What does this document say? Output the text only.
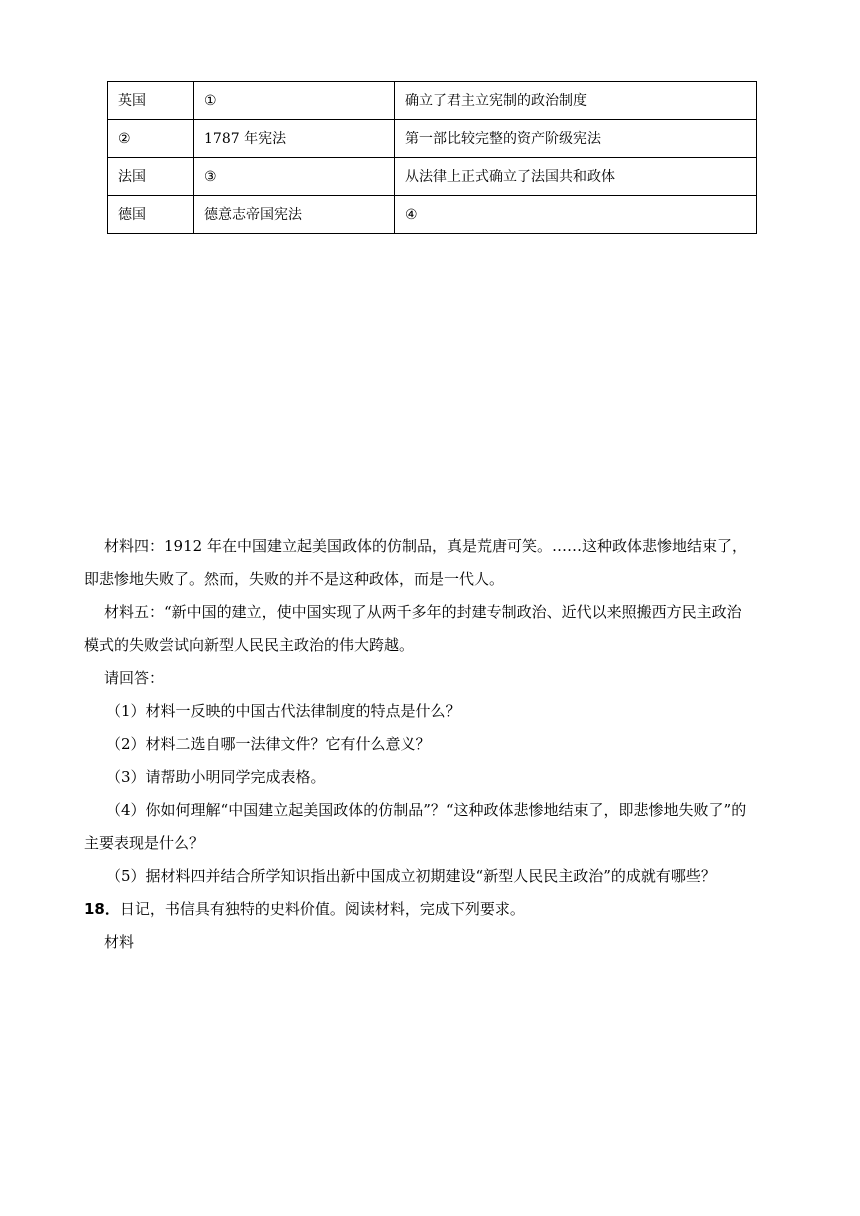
英国	①	确立了君主立宪制的政治制度
②	1787 年宪法	第一部比较完整的资产阶级宪法
法国	③	从法律上正式确立了法国共和政体
德国	德意志帝国宪法	④

材料四：1912 年在中国建立起美国政体的仿制品，真是荒唐可笑。……这种政体悲惨地结束了，

即悲惨地失败了。然而，失败的并不是这种政体，而是一代人。

材料五：“新中国的建立，使中国实现了从两千多年的封建专制政治、近代以来照搬西方民主政治

模式的失败尝试向新型人民民主政治的伟大跨越。

请回答：

（1）材料一反映的中国古代法律制度的特点是什么？

（2）材料二选自哪一法律文件？它有什么意义？

（3）请帮助小明同学完成表格。

（4）你如何理解“中国建立起美国政体的仿制品”？“这种政体悲惨地结束了，即悲惨地失败了”的

主要表现是什么？

（5）据材料四并结合所学知识指出新中国成立初期建设“新型人民民主政治”的成就有哪些？

18．日记，书信具有独特的史料价值。阅读材料，完成下列要求。

材料
